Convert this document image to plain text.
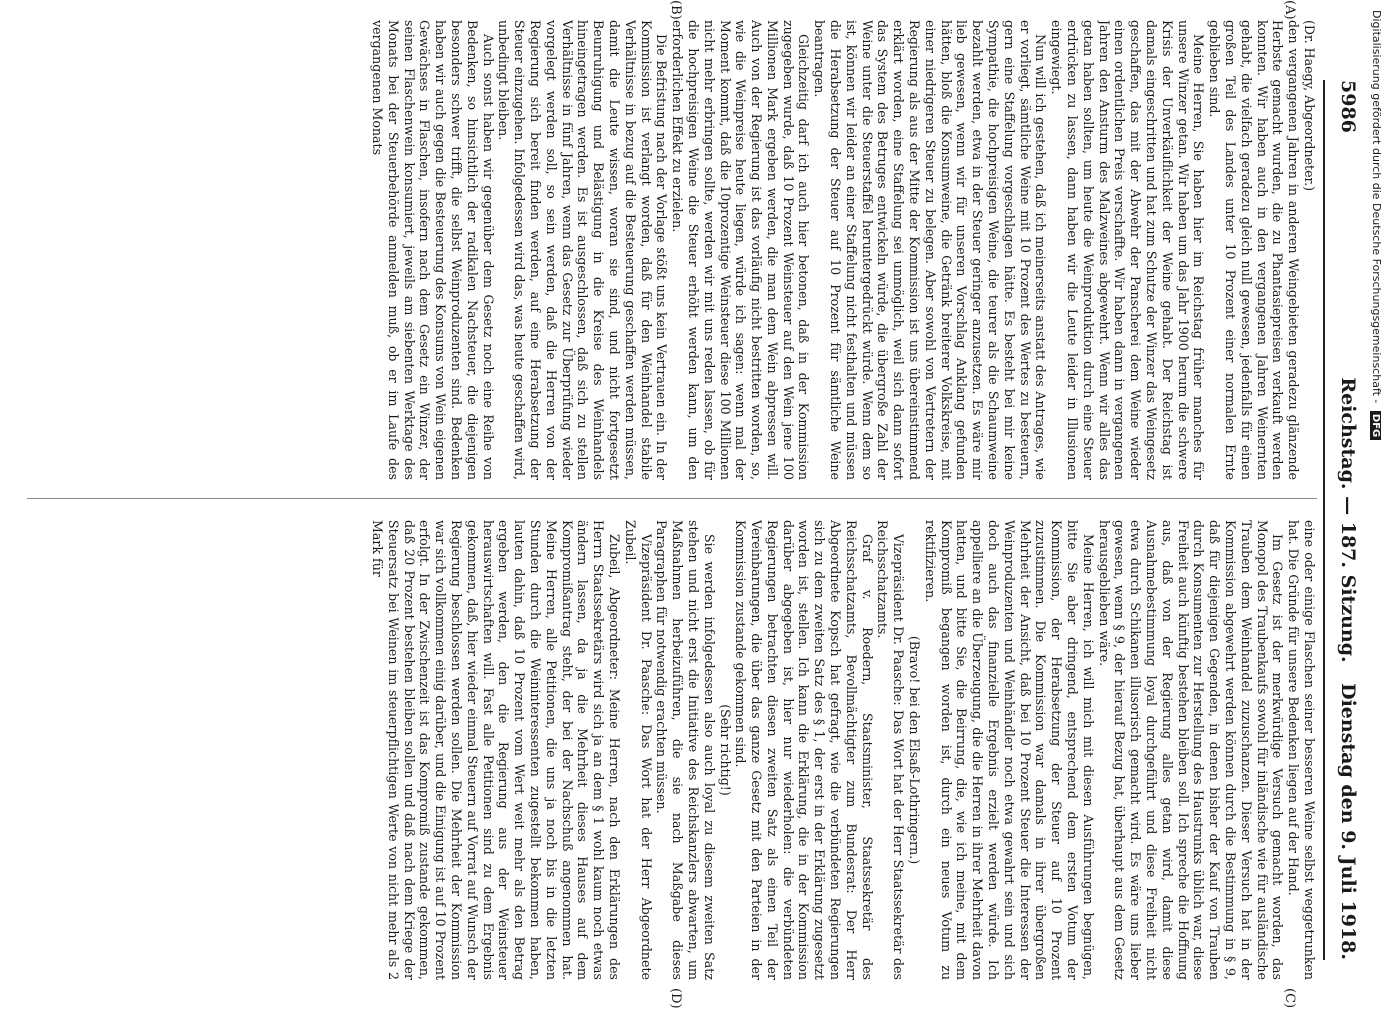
5986
Reichstag. — 187. Sitzung.
Dienstag den 9. Juli 1918.
(A)
(B)
(C)
(D)

(Dr. Haegy, Abgeordneter.)

den vergangenen Jahren in anderen Weingebieten geradezu glänzende Herbste gemacht wurden, die zu Phantasiepreisen verkauft werden konnten. Wir haben auch in den vergangenen Jahren Weinernten gehabt, die vielfach geradezu gleich null gewesen, jedenfalls für einen großen Teil des Landes unter 10 Prozent einer normalen Ernte geblieben sind.

Meine Herren, Sie haben hier im Reichstag früher manches für unsere Winzer getan. Wir haben um das Jahr 1900 herum die schwere Krisis der Unverkäuflichkeit der Weine gehabt. Der Reichstag ist damals eingeschritten und hat zum Schutze der Winzer das Weingesetz geschaffen, das mit der Abwehr der Panscherei dem Weine wieder einen ordentlichen Preis verschaffte. Wir haben dann in vergangenen Jahren den Ansturm des Malzweines abgewehrt. Wenn wir alles das getan haben sollten, um heute die Weinproduktion durch eine Steuer erdrücken zu lassen, dann haben wir die Leute leider in Illusionen eingewiegt.

Nun will ich gestehen, daß ich meinerseits anstatt des Antrages, wie er vorliegt, sämtliche Weine mit 10 Prozent des Wertes zu besteuern, gern eine Staffelung vorgeschlagen hätte. Es besteht bei mir keine Sympathie, die hochpreisigen Weine, die teurer als die Schaumweine bezahlt werden, etwa in der Steuer geringer anzusetzen. Es wäre mir lieb gewesen, wenn wir für unseren Vorschlag Anklang gefunden hätten, bloß die Konsumweine, die Getränk breiterer Volkskreise, mit einer niedrigeren Steuer zu belegen. Aber sowohl von Vertretern der Regierung als aus der Mitte der Kommission ist uns übereinstimmend erklärt worden, eine Staffelung sei unmöglich, weil sich dann sofort das System des Betruges entwickeln würde, die übergroße Zahl der Weine unter die Steuerstaffel heruntergedrückt würde. Wenn dem so ist, können wir leider an einer Staffelung nicht festhalten und müssen die Herabsetzung der Steuer auf 10 Prozent für sämtliche Weine beantragen.

Gleichzeitig darf ich auch hier betonen, daß in der Kommission zugegeben wurde, daß 10 Prozent Weinsteuer auf den Wein jene 100 Millionen Mark ergeben werden, die man dem Wein abpressen will. Auch von der Regierung ist das vorläufig nicht bestritten worden, so, wie die Weinpreise heute liegen, würde ich sagen: wenn mal der Moment kommt, daß die 10prozentige Weinsteuer diese 100 Millionen nicht mehr erbringen sollte, werden wir mit uns reden lassen, ob für die hochpreisigen Weine die Steuer erhöht werden kann, um den erforderlichen Effekt zu erzielen.

Die Befristung nach der Vorlage stößt uns kein Vertrauen ein. In der Kommission ist verlangt worden, daß für den Weinhandel stabile Verhältnisse in bezug auf die Besteuerung geschaffen werden müssen, damit die Leute wissen, woran sie sind, und nicht fortgesetzt Beunruhigung und Belästigung in die Kreise des Weinhandels hineingetragen werden. Es ist ausgeschlossen, daß sich zu stellen Verhältnisse in fünf Jahren, wenn das Gesetz zur Überprüfung wieder vorgelegt werden soll, so sein werden, daß die Herren von der Regierung sich bereit finden werden, auf eine Herabsetzung der Steuer einzugehen. Infolgedessen wird das, was heute geschaffen wird, unbedingt bleiben.

Auch sonst haben wir gegenüber dem Gesetz noch eine Reihe von Bedenken, so hinsichtlich der radikalen Nachsteuer, die diejenigen besonders schwer trifft, die selbst Weinproduzenten sind. Bedenken haben wir auch gegen die Besteuerung des Konsums von Wein eigenen Gewächses in Flaschen, insofern nach dem Gesetz ein Winzer, der seinen Flaschenwein konsumiert, jeweils am siebenten Werktage des Monats bei der Steuerbehörde anmelden muß, ob er im Laufe des vergangenen Monats

eine oder einige Flaschen seiner besseren Weine selbst weggetrunken hat. Die Gründe für unsere Bedenken liegen auf der Hand.

Im Gesetz ist der merkwürdige Versuch gemacht worden, das Monopol des Traubenkaufs sowohl für inländische wie für ausländische Trauben dem Weinhandel zuzuschanzen. Dieser Versuch hat in der Kommission abgewehrt werden können durch die Bestimmung in § 9, daß für diejenigen Gegenden, in denen bisher der Kauf von Trauben durch Konsumenten zur Herstellung des Haustrunks üblich war, diese Freiheit auch künftig bestehen bleiben soll. Ich spreche die Hoffnung aus, daß von der Regierung alles getan wird, damit diese Ausnahmebestimmung loyal durchgeführt und diese Freiheit nicht etwa durch Schikanen illusorisch gemacht wird. Es wäre uns lieber gewesen, wenn § 9, der hierauf Bezug hat, überhaupt aus dem Gesetz herausgeblieben wäre.

Meine Herren, ich will mich mit diesen Ausführungen begnügen, bitte Sie aber dringend, entsprechend dem ersten Votum der Kommission, der Herabsetzung der Steuer auf 10 Prozent zuzustimmen. Die Kommission war damals in ihrer übergroßen Mehrheit der Ansicht, daß bei 10 Prozent Steuer die Interessen der Weinproduzenten und Weinhändler noch etwa gewahrt sein und sich doch auch das finanzielle Ergebnis erzielt werden würde. Ich appelliere an die Überzeugung, die die Herren in ihrer Mehrheit davon hatten, und bitte Sie, die Beirrung, die, wie ich meine, mit dem Kompromiß begangen worden ist, durch ein neues Votum zu rektifizieren.

(Bravo! bei den Elsaß-Lothringern.)

Vizepräsident Dr. Paasche: Das Wort hat der Herr Staatssekretär des Reichsschatzamts.

Graf v. Roedern, Staatsminister, Staatssekretär des Reichsschatzamts, Bevollmächtigter zum Bundesrat: Der Herr Abgeordnete Kopsch hat gefragt, wie die verbündeten Regierungen sich zu dem zweiten Satz des § 1, der erst in der Erklärung zugesetzt worden ist, stellen. Ich kann die Erklärung, die in der Kommission darüber abgegeben ist, hier nur wiederholen: die verbündeten Regierungen betrachten diesen zweiten Satz als einen Teil der Vereinbarungen, die über das ganze Gesetz mit den Parteien in der Kommission zustande gekommen sind.

(Sehr richtig!)

Sie werden infolgedessen also auch loyal zu diesem zweiten Satz stehen und nicht erst die Initiative des Reichskanzlers abwarten, um Maßnahmen herbeizuführen, die sie nach Maßgabe dieses Paragraphen für notwendig erachten müssen.

Vizepräsident Dr. Paasche: Das Wort hat der Herr Abgeordnete Zubeil.

Zubeil, Abgeordneter: Meine Herren, nach den Erklärungen des Herrn Staatssekretärs wird sich ja an dem § 1 wohl kaum noch etwas ändern lassen, da ja die Mehrheit dieses Hauses auf dem Kompromißantrag steht, der bei der Nachschuß angenommen hat. Meine Herren, alle Petitionen, die uns ja noch bis in die letzten Stunden durch die Weininteressenten zugestellt bekommen haben, lauten dahin, daß 10 Prozent vom Wert weit mehr als den Betrag ergeben werden, den die Regierung aus der Weinsteuer herauswirtschaften will. Fast alle Petitionen sind zu dem Ergebnis gekommen, daß, hier wieder einmal Steuern auf Vorrat auf Wunsch der Regierung beschlossen werden sollen. Die Mehrheit der Kommission war sich vollkommen einig darüber, und die Einigung ist auf 10 Prozent erfolgt. In der Zwischenzeit ist das Kompromiß zustande gekommen, daß 20 Prozent bestehen bleiben sollen und daß nach dem Kriege der Steuersatz bei Weinen im steuerpflichtigen Werte von nicht mehr als 2 Mark für

Digitalisierung gefördert durch die Deutsche Forschungsgemeinschaft - DFG
